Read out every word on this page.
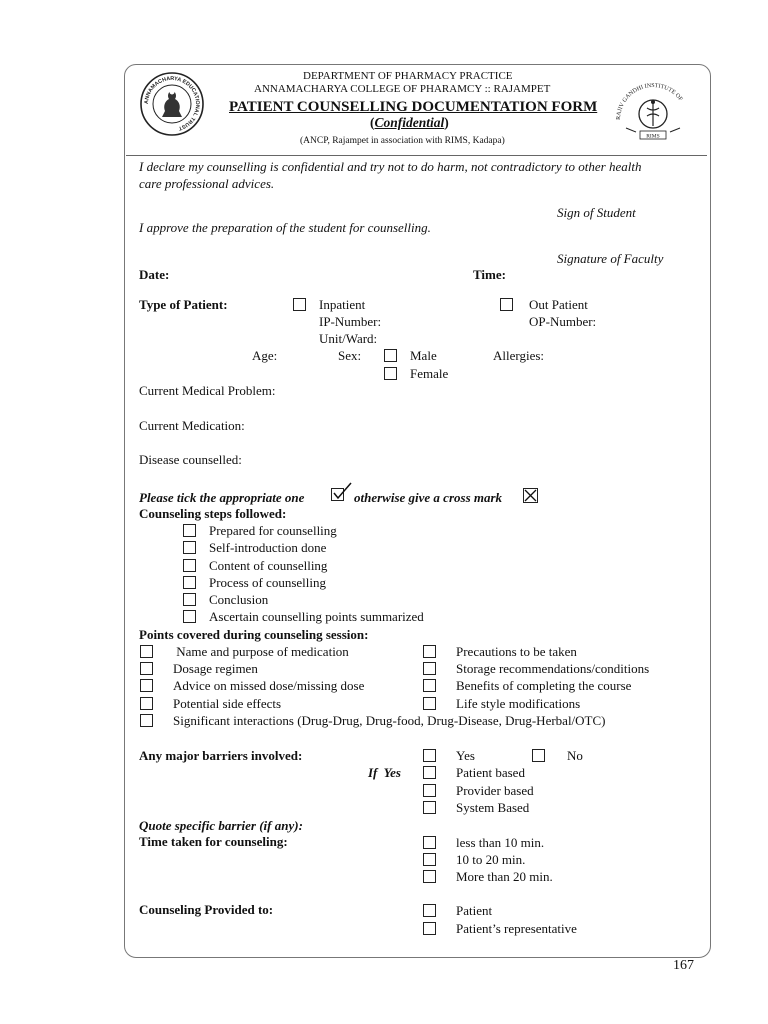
ANNAMACHARYA EDUCATIONAL TRUST
RAJIV GANDHI INSTITUTE OF
RIMS
DEPARTMENT OF PHARMACY PRACTICE
ANNAMACHARYA COLLEGE OF PHARAMCY :: RAJAMPET
PATIENT COUNSELLING DOCUMENTATION FORM
(Confidential)
(ANCP, Rajampet in association with RIMS, Kadapa)
I declare my counselling is confidential and try not to do harm, not contradictory to other health
care professional advices.
Sign of Student
I approve the preparation of the student for counselling.
Signature of Faculty
Date:	Time:
Type of Patient:	Inpatient	Out Patient
IP-Number:	OP-Number:
Unit/Ward:
Age:	Sex:	Male	Allergies:
Female
Current Medical Problem:
Current Medication:
Disease counselled:
Please tick the appropriate one	otherwise give a cross mark
Counseling steps followed:
Prepared for counselling
Self-introduction done
Content of counselling
Process of counselling
Conclusion
Ascertain counselling points summarized
Points covered during counseling session:
Name and purpose of medication	Precautions to be taken
Dosage regimen	Storage recommendations/conditions
Advice on missed dose/missing dose	Benefits of completing the course
Potential side effects	Life style modifications
Significant interactions (Drug-Drug, Drug-food, Drug-Disease, Drug-Herbal/OTC)
Any major barriers involved:	Yes	No
If  Yes	Patient based
Provider based
System Based
Quote specific barrier (if any):
Time taken for counseling:	less than 10 min.
10 to 20 min.
More than 20 min.
Counseling Provided to:	Patient
Patient’s representative
167
